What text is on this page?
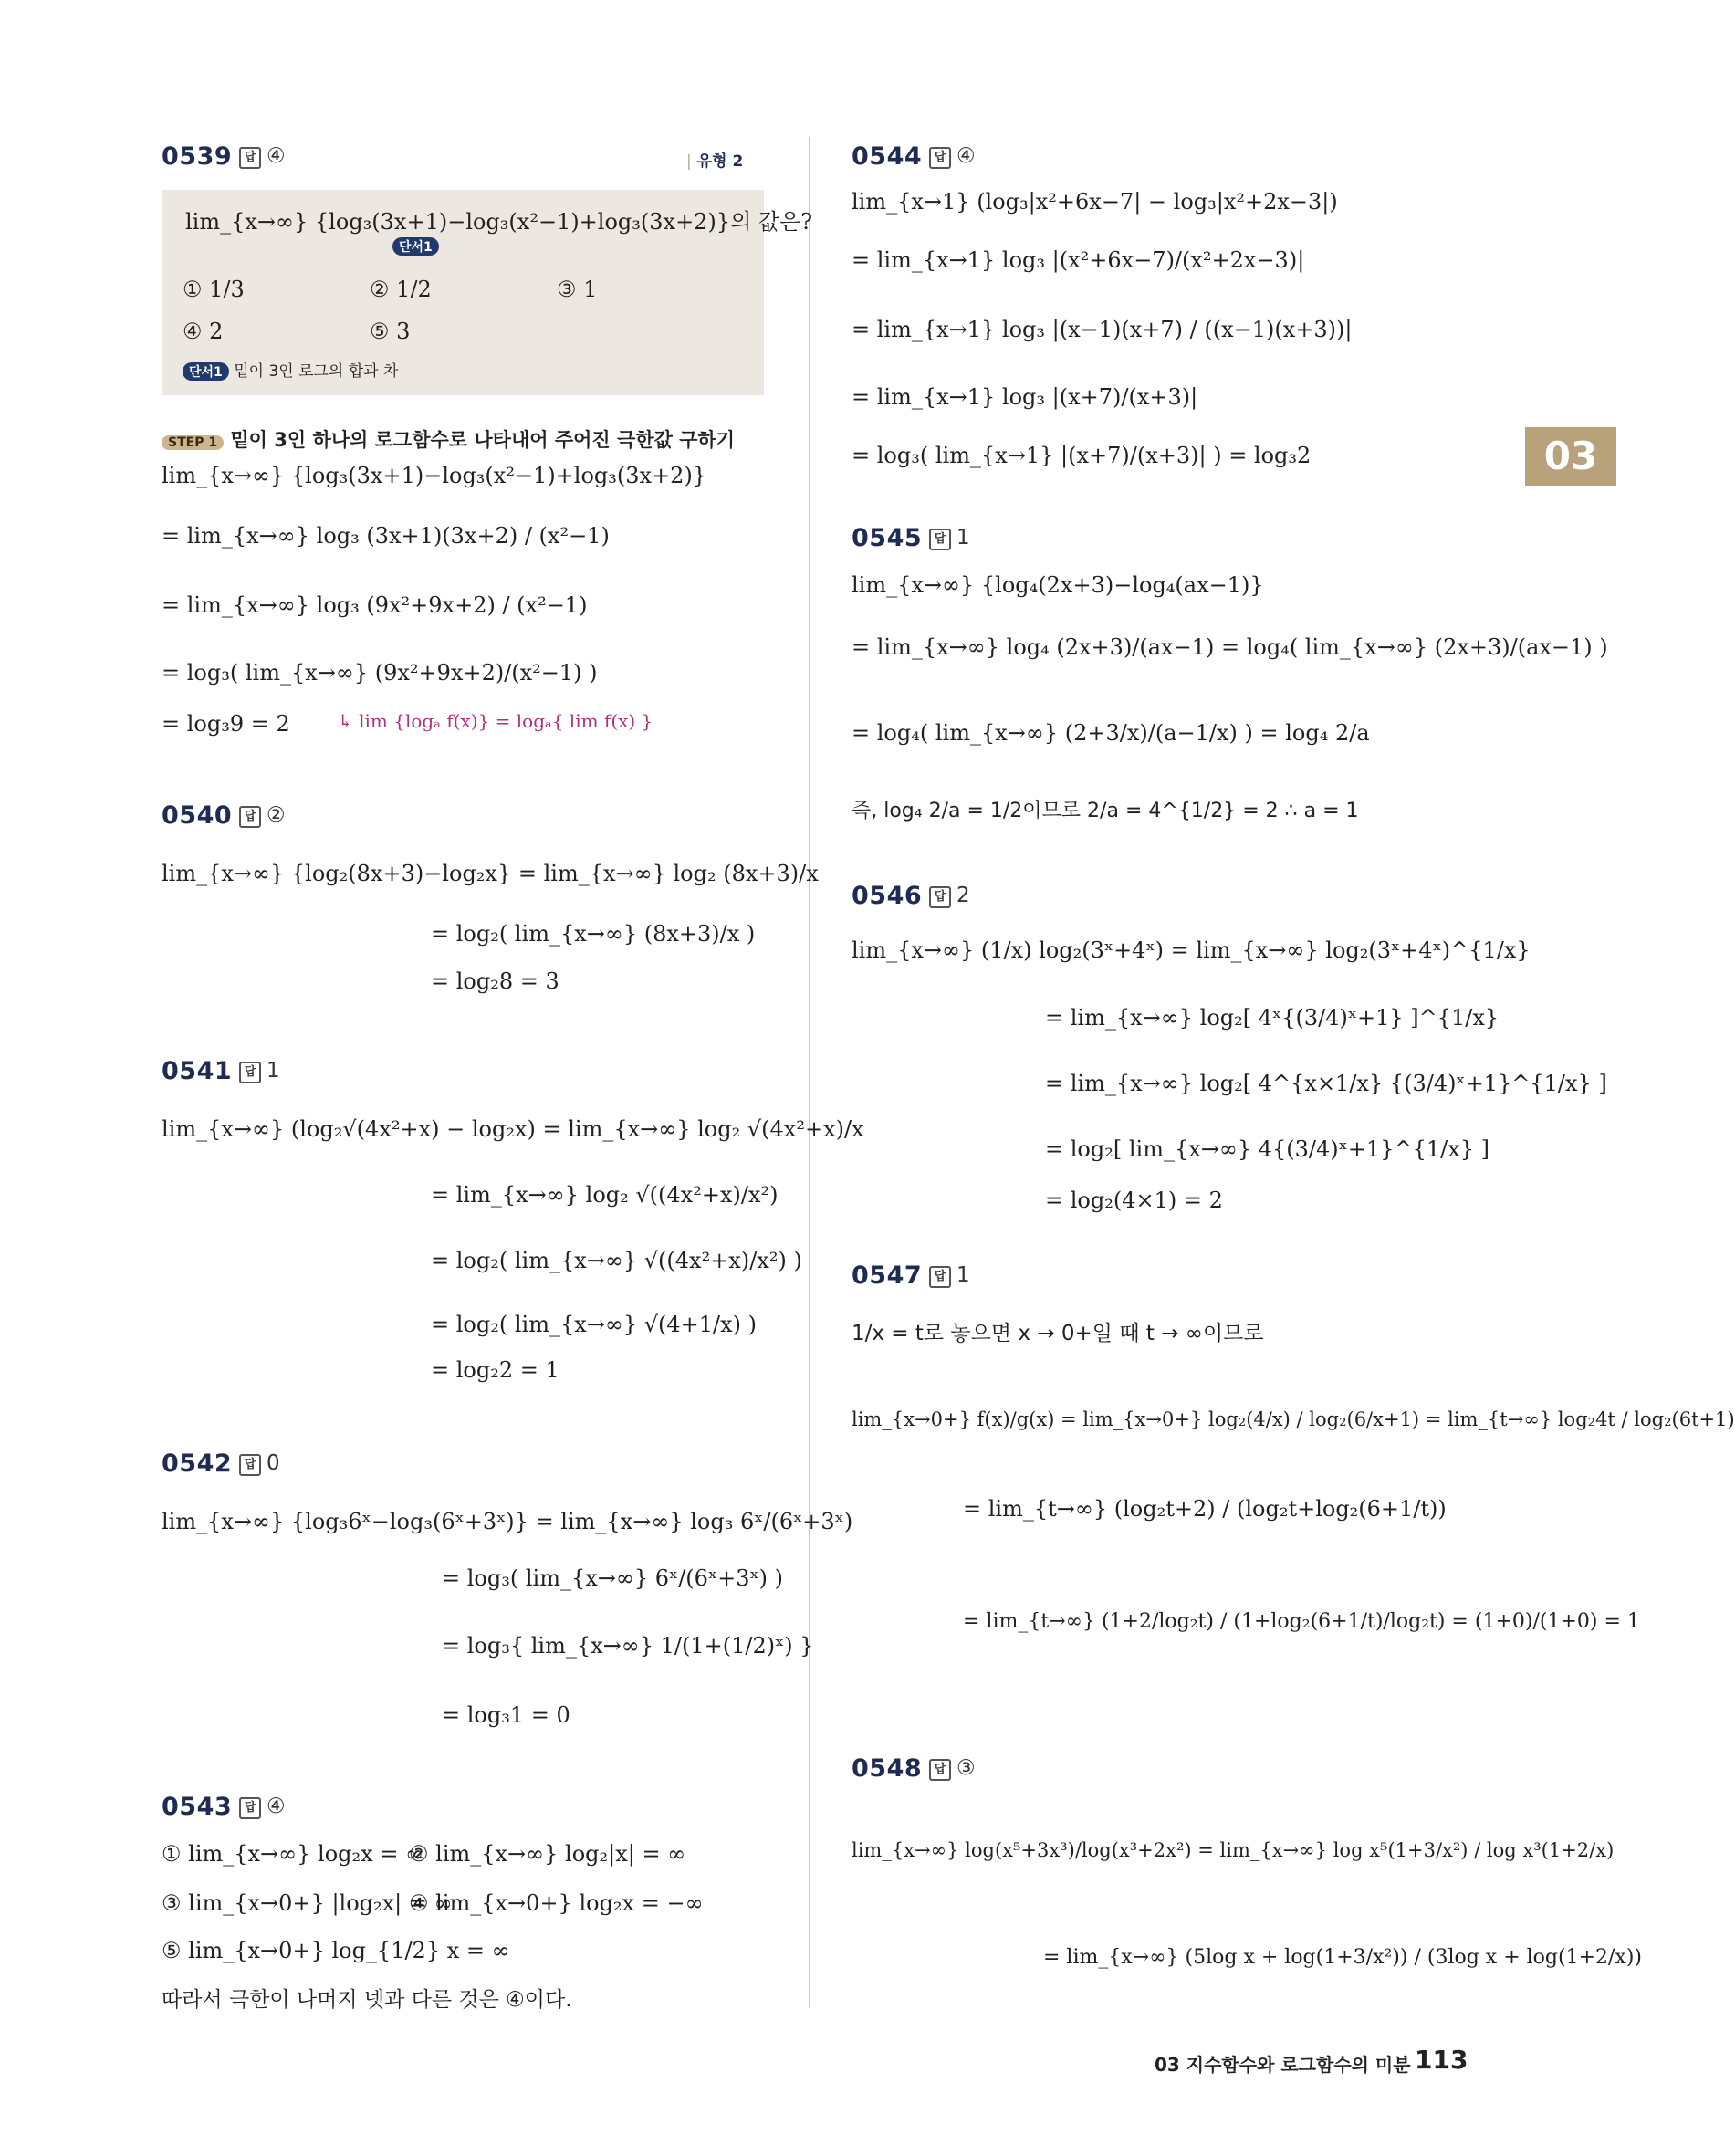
03
0539	답 ④	| 유형 2
lim_{x→∞} {log₃(3x+1)−log₃(x²−1)+log₃(3x+2)}의 값은?
단서1
① 1/3	② 1/2	③ 1
④ 2	⑤ 3
단서1 밑이 3인 로그의 합과 차
STEP 1 밑이 3인 하나의 로그함수로 나타내어 주어진 극한값 구하기
lim_{x→∞} {log₃(3x+1)−log₃(x²−1)+log₃(3x+2)}
= lim_{x→∞} log₃ (3x+1)(3x+2) / (x²−1)
= lim_{x→∞} log₃ (9x²+9x+2) / (x²−1)
= log₃( lim_{x→∞} (9x²+9x+2)/(x²−1) )
= log₃9 = 2	↳ lim {logₐ f(x)} = logₐ{ lim f(x) }
0540	답 ②
lim_{x→∞} {log₂(8x+3)−log₂x} = lim_{x→∞} log₂ (8x+3)/x
= log₂( lim_{x→∞} (8x+3)/x )
= log₂8 = 3
0541	답 1
lim_{x→∞} (log₂√(4x²+x) − log₂x) = lim_{x→∞} log₂ √(4x²+x)/x
= lim_{x→∞} log₂ √((4x²+x)/x²)
= log₂( lim_{x→∞} √((4x²+x)/x²) )
= log₂( lim_{x→∞} √(4+1/x) )
= log₂2 = 1
0542	답 0
lim_{x→∞} {log₃6ˣ−log₃(6ˣ+3ˣ)} = lim_{x→∞} log₃ 6ˣ/(6ˣ+3ˣ)
= log₃( lim_{x→∞} 6ˣ/(6ˣ+3ˣ) )
= log₃{ lim_{x→∞} 1/(1+(1/2)ˣ) }
= log₃1 = 0
0543	답 ④
① lim_{x→∞} log₂x = ∞
② lim_{x→∞} log₂|x| = ∞
③ lim_{x→0+} |log₂x| = ∞
④ lim_{x→0+} log₂x = −∞
⑤ lim_{x→0+} log_{1/2} x = ∞
따라서 극한이 나머지 넷과 다른 것은 ④이다.
0544	답 ④
lim_{x→1} (log₃|x²+6x−7| − log₃|x²+2x−3|)
= lim_{x→1} log₃ |(x²+6x−7)/(x²+2x−3)|
= lim_{x→1} log₃ |(x−1)(x+7) / ((x−1)(x+3))|
= lim_{x→1} log₃ |(x+7)/(x+3)|
= log₃( lim_{x→1} |(x+7)/(x+3)| ) = log₃2
0545	답 1
lim_{x→∞} {log₄(2x+3)−log₄(ax−1)}
= lim_{x→∞} log₄ (2x+3)/(ax−1) = log₄( lim_{x→∞} (2x+3)/(ax−1) )
= log₄( lim_{x→∞} (2+3/x)/(a−1/x) ) = log₄ 2/a
즉, log₄ 2/a = 1/2이므로 2/a = 4^{1/2} = 2 ∴ a = 1
0546	답 2
lim_{x→∞} (1/x) log₂(3ˣ+4ˣ) = lim_{x→∞} log₂(3ˣ+4ˣ)^{1/x}
= lim_{x→∞} log₂[ 4ˣ{(3/4)ˣ+1} ]^{1/x}
= lim_{x→∞} log₂[ 4^{x×1/x} {(3/4)ˣ+1}^{1/x} ]
= log₂[ lim_{x→∞} 4{(3/4)ˣ+1}^{1/x} ]
= log₂(4×1) = 2
0547	답 1
1/x = t로 놓으면 x → 0+일 때 t → ∞이므로
lim_{x→0+} f(x)/g(x) = lim_{x→0+} log₂(4/x) / log₂(6/x+1) = lim_{t→∞} log₂4t / log₂(6t+1)
= lim_{t→∞} (log₂t+2) / (log₂t+log₂(6+1/t))
= lim_{t→∞} (1+2/log₂t) / (1+log₂(6+1/t)/log₂t) = (1+0)/(1+0) = 1
0548	답 ③
lim_{x→∞} log(x⁵+3x³)/log(x³+2x²) = lim_{x→∞} log x⁵(1+3/x²) / log x³(1+2/x)
= lim_{x→∞} (5log x + log(1+3/x²)) / (3log x + log(1+2/x))
03 지수함수와 로그함수의 미분 113
